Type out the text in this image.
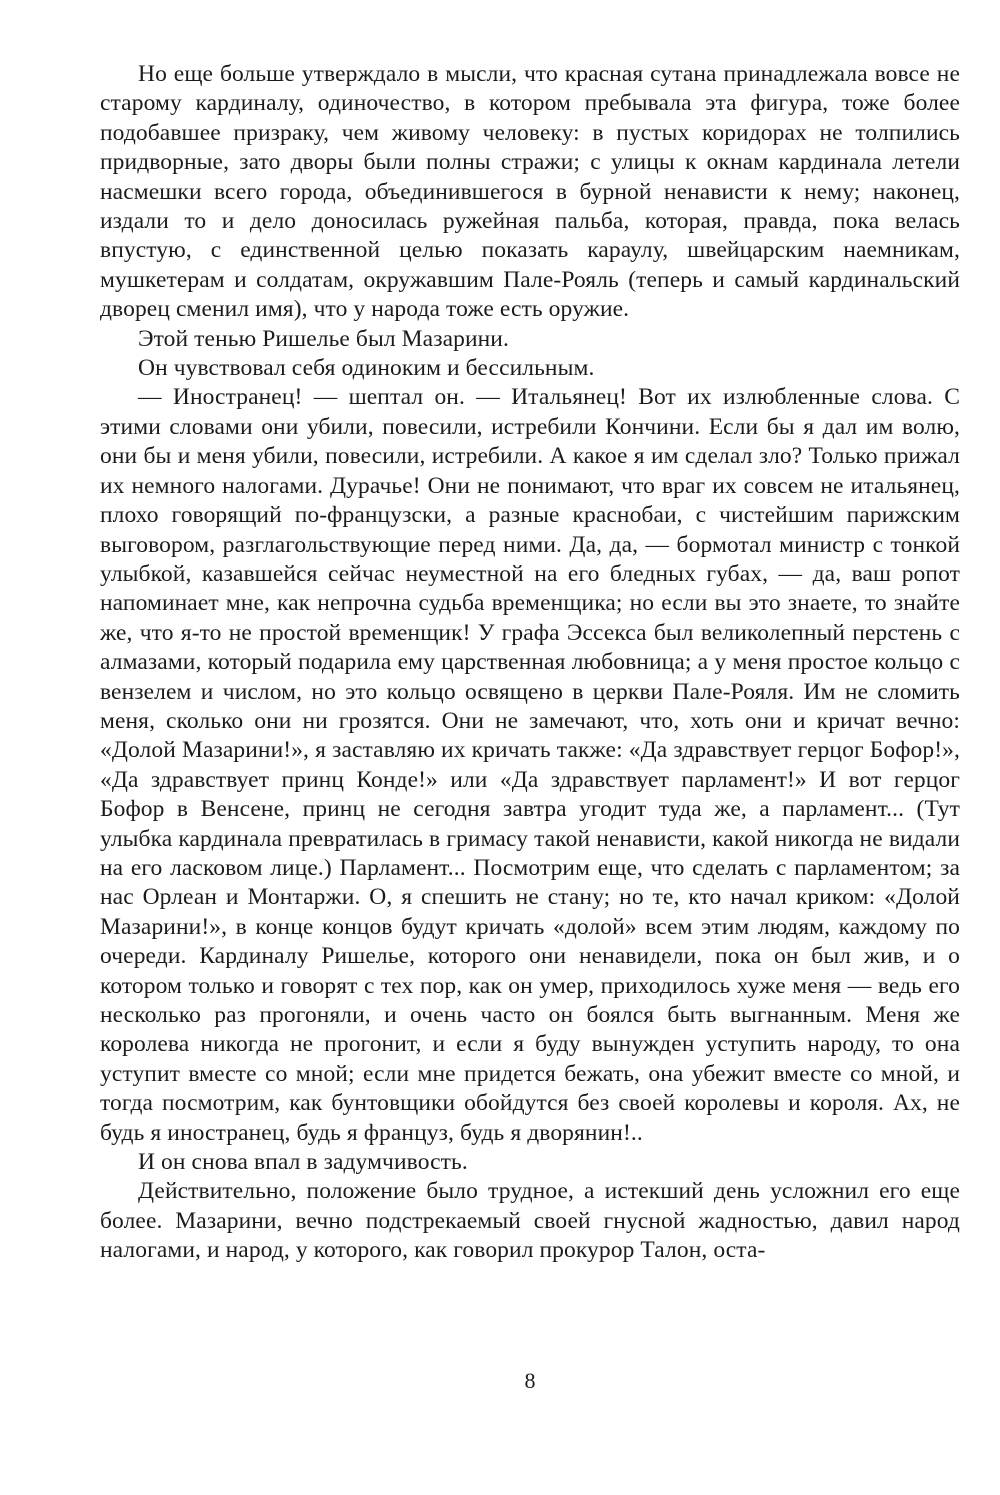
Но еще больше утверждало в мысли, что красная сутана принадлежала вовсе не старому кардиналу, одиночество, в котором пребывала эта фигура, тоже более подобавшее призраку, чем живому человеку: в пустых коридорах не толпились придворные, зато дворы были полны стражи; с улицы к окнам кардинала летели насмешки всего города, объединившегося в бурной ненависти к нему; наконец, издали то и дело доносилась ружейная пальба, которая, правда, пока велась впустую, с единственной целью показать караулу, швейцарским наемникам, мушкетерам и солдатам, окружавшим Пале-Рояль (теперь и самый кардинальский дворец сменил имя), что у народа тоже есть оружие.

Этой тенью Ришелье был Мазарини.

Он чувствовал себя одиноким и бессильным.

— Иностранец! — шептал он. — Итальянец! Вот их излюбленные слова. С этими словами они убили, повесили, истребили Кончини. Если бы я дал им волю, они бы и меня убили, повесили, истребили. А какое я им сделал зло? Только прижал их немного налогами. Дурачье! Они не понимают, что враг их совсем не итальянец, плохо говорящий по-французски, а разные краснобаи, с чистейшим парижским выговором, разглагольствующие перед ними. Да, да, — бормотал министр с тонкой улыбкой, казавшейся сейчас неуместной на его бледных губах, — да, ваш ропот напоминает мне, как непрочна судьба временщика; но если вы это знаете, то знайте же, что я-то не простой временщик! У графа Эссекса был великолепный перстень с алмазами, который подарила ему царственная любовница; а у меня простое кольцо с вензелем и числом, но это кольцо освящено в церкви Пале-Рояля. Им не сломить меня, сколько они ни грозятся. Они не замечают, что, хоть они и кричат вечно: «Долой Мазарини!», я заставляю их кричать также: «Да здравствует герцог Бофор!», «Да здравствует принц Конде!» или «Да здравствует парламент!» И вот герцог Бофор в Венсене, принц не сегодня завтра угодит туда же, а парламент... (Тут улыбка кардинала превратилась в гримасу такой ненависти, какой никогда не видали на его ласковом лице.) Парламент... Посмотрим еще, что сделать с парламентом; за нас Орлеан и Монтаржи. О, я спешить не стану; но те, кто начал криком: «Долой Мазарини!», в конце концов будут кричать «долой» всем этим людям, каждому по очереди. Кардиналу Ришелье, которого они ненавидели, пока он был жив, и о котором только и говорят с тех пор, как он умер, приходилось хуже меня — ведь его несколько раз прогоняли, и очень часто он боялся быть выгнанным. Меня же королева никогда не прогонит, и если я буду вынужден уступить народу, то она уступит вместе со мной; если мне придется бежать, она убежит вместе со мной, и тогда посмотрим, как бунтовщики обойдутся без своей королевы и короля. Ах, не будь я иностранец, будь я француз, будь я дворянин!..

И он снова впал в задумчивость.

Действительно, положение было трудное, а истекший день усложнил его еще более. Мазарини, вечно подстрекаемый своей гнусной жадностью, давил народ налогами, и народ, у которого, как говорил прокурор Талон, оста-

8
